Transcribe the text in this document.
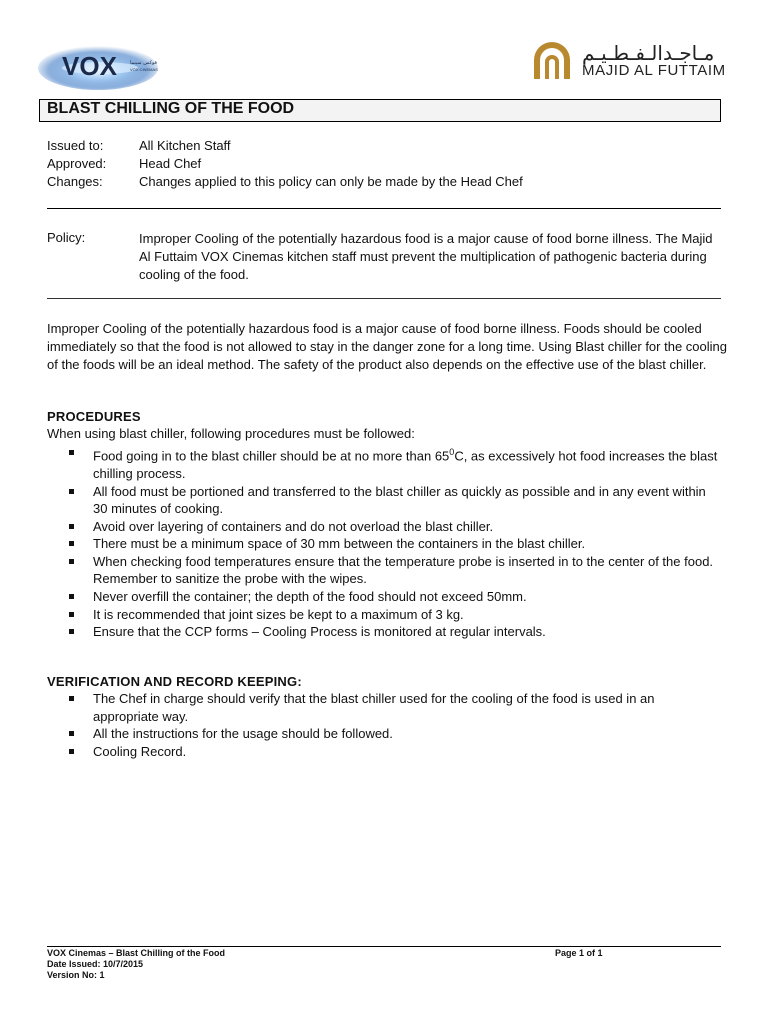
VOX	فوكس سينما
VOX CINEMAS
مـاجـدالـفـطـيـم
MAJID AL FUTTAIM
BLAST CHILLING OF THE FOOD
Issued to:	All Kitchen Staff
Approved:	Head Chef
Changes:	Changes applied to this policy can only be made by the Head Chef
Policy:	Improper Cooling of the potentially hazardous food is a major cause of food borne illness. The Majid Al Futtaim VOX Cinemas kitchen staff must prevent the multiplication of pathogenic bacteria during cooling of the food.
Improper Cooling of the potentially hazardous food is a major cause of food borne illness. Foods should be cooled immediately so that the food is not allowed to stay in the danger zone for a long time. Using Blast chiller for the cooling of the foods will be an ideal method. The safety of the product also depends on the effective use of the blast chiller.
PROCEDURES
When using blast chiller, following procedures must be followed:
Food going in to the blast chiller should be at no more than $65^0C$, as excessively hot food increases the blast chilling process.
All food must be portioned and transferred to the blast chiller as quickly as possible and in any event within 30 minutes of cooking.
Avoid over layering of containers and do not overload the blast chiller.
There must be a minimum space of 30 mm between the containers in the blast chiller.
When checking food temperatures ensure that the temperature probe is inserted in to the center of the food. Remember to sanitize the probe with the wipes.
Never overfill the container; the depth of the food should not exceed 50mm.
It is recommended that joint sizes be kept to a maximum of 3 kg.
Ensure that the CCP forms – Cooling Process is monitored at regular intervals.
VERIFICATION AND RECORD KEEPING:
The Chef in charge should verify that the blast chiller used for the cooling of the food is used in an appropriate way.
All the instructions for the usage should be followed.
Cooling Record.
VOX Cinemas – Blast Chilling of the Food	Page 1 of 1
Date Issued: 10/7/2015
Version No: 1
